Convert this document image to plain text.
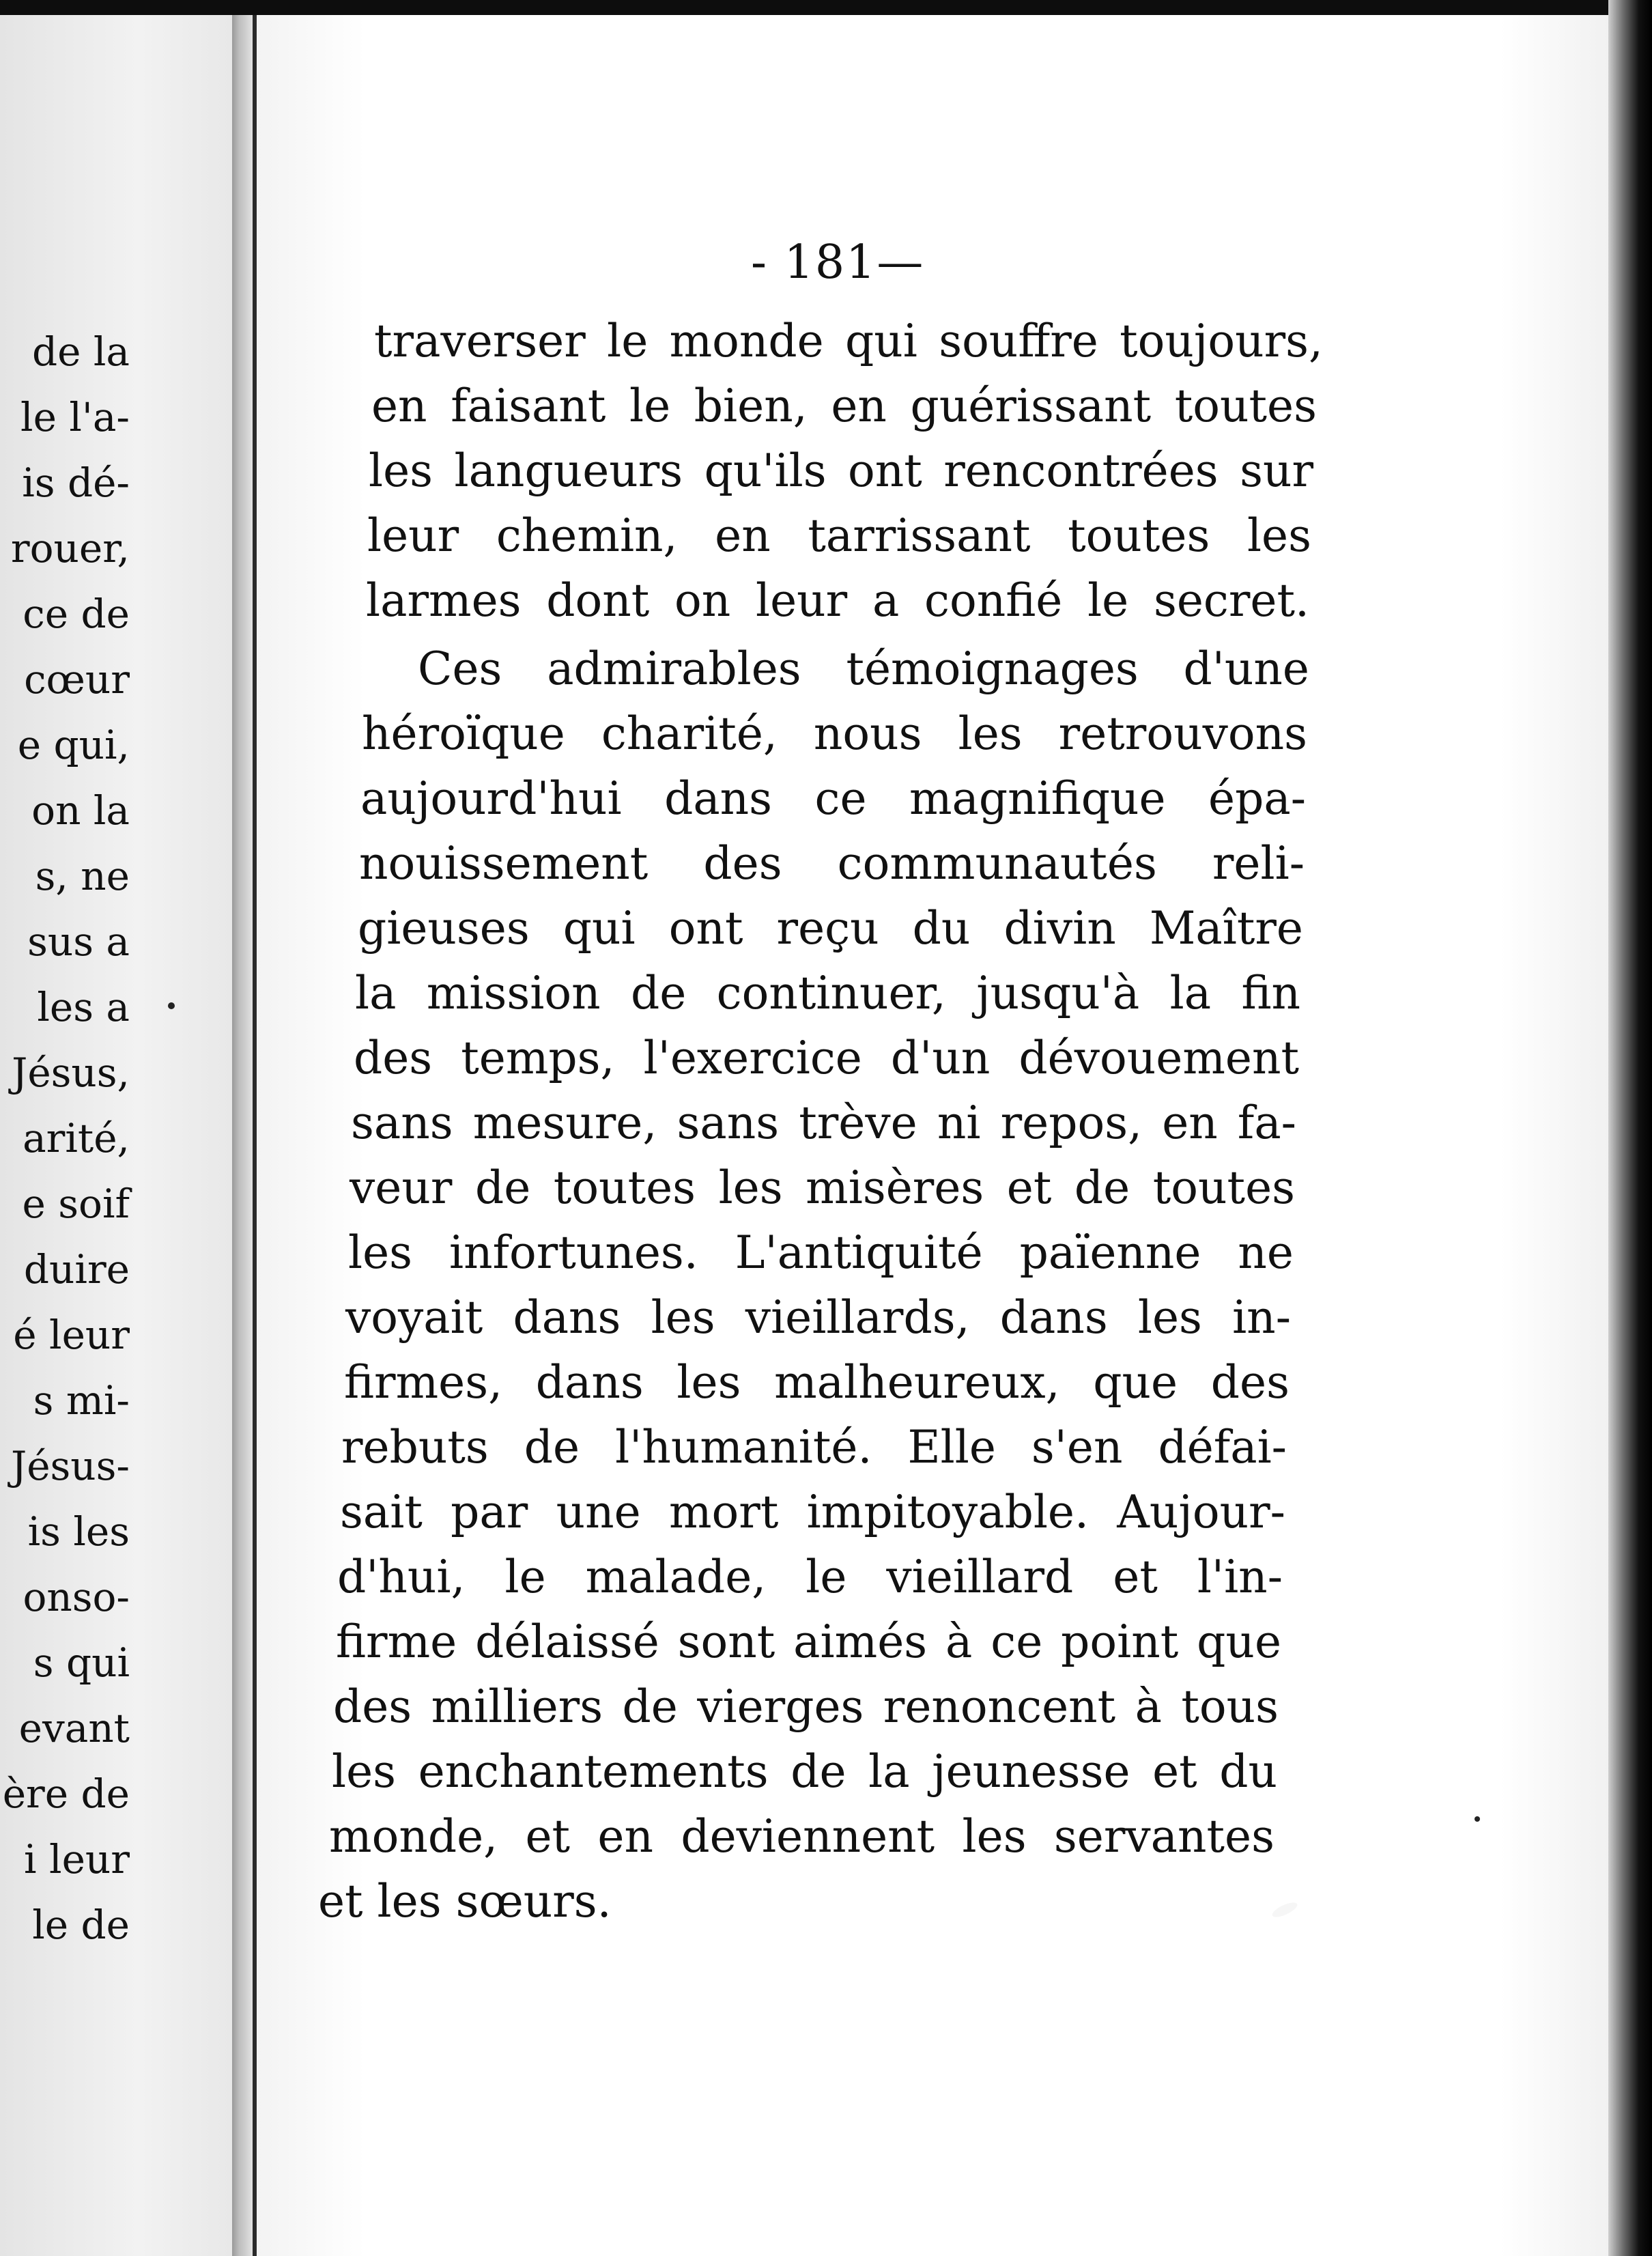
de la
le l'a-
is dé-
rouer,
ce de
cœur
e qui,
on la
s, ne
sus a
les a
Jésus,
arité,
e soif
duire
é leur
s mi-
Jésus-
is les
onso-
s qui
evant
ère de
i leur
le de
- 181—
traverser le monde qui souffre toujours,
en faisant le bien, en guérissant toutes
les langueurs qu'ils ont rencontrées sur
leur chemin, en tarrissant toutes les
larmes dont on leur a confié le secret.
Ces admirables témoignages d'une
héroïque charité, nous les retrouvons
aujourd'hui dans ce magnifique épa-
nouissement des communautés reli-
gieuses qui ont reçu du divin Maître
la mission de continuer, jusqu'à la fin
des temps, l'exercice d'un dévouement
sans mesure, sans trève ni repos, en fa-
veur de toutes les misères et de toutes
les infortunes. L'antiquité païenne ne
voyait dans les vieillards, dans les in-
firmes, dans les malheureux, que des
rebuts de l'humanité. Elle s'en défai-
sait par une mort impitoyable. Aujour-
d'hui, le malade, le vieillard et l'in-
firme délaissé sont aimés à ce point que
des milliers de vierges renoncent à tous
les enchantements de la jeunesse et du
monde, et en deviennent les servantes
et les sœurs.
